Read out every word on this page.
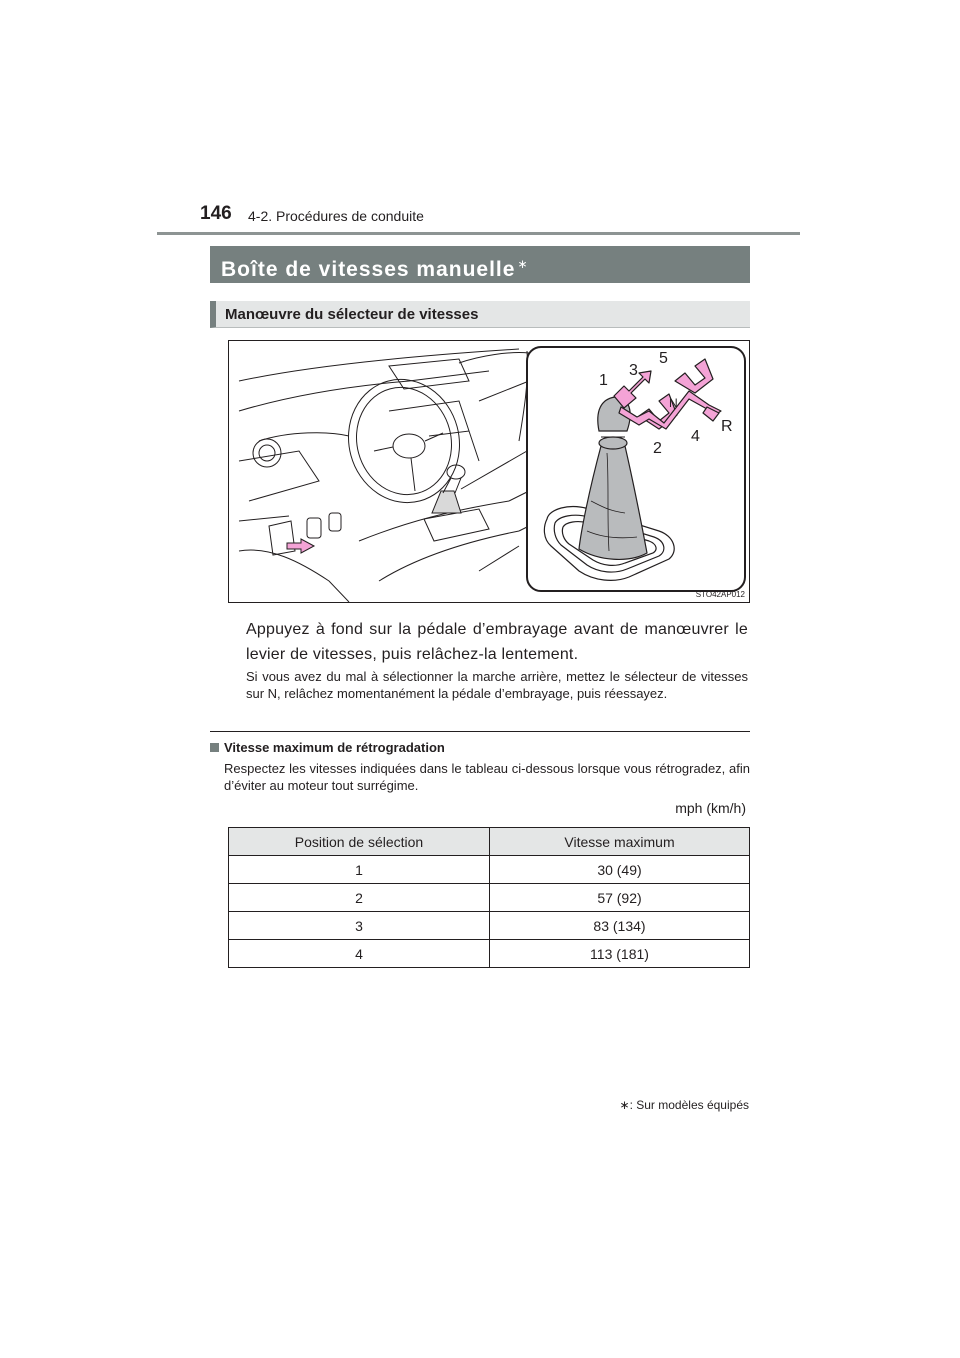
146 4-2. Procédures de conduite
Boîte de vitesses manuelle ∗
Manœuvre du sélecteur de vitesses
1
2
3
4
5
R
N
STO42AP012
Appuyez à fond sur la pédale d’embrayage avant de manœuvrer le levier de vitesses, puis relâchez-la lentement.
Si vous avez du mal à sélectionner la marche arrière, mettez le sélecteur de vitesses sur N, relâchez momentanément la pédale d’embrayage, puis réessayez.
Vitesse maximum de rétrogradation
Respectez les vitesses indiquées dans le tableau ci-dessous lorsque vous rétrogradez, afin d’éviter au moteur tout surrégime.
mph (km/h)
Position de sélection	Vitesse maximum
1	30 (49)
2	57 (92)
3	83 (134)
4	113 (181)
∗: Sur modèles équipés
